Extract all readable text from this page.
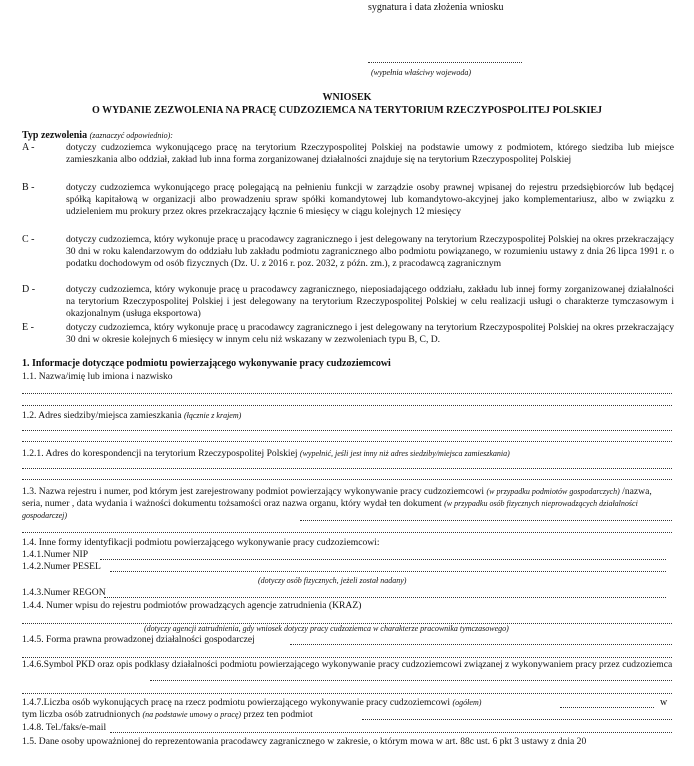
sygnatura i data złożenia wniosku
(wypełnia właściwy wojewoda)
WNIOSEK
O WYDANIE ZEZWOLENIA NA PRACĘ CUDZOZIEMCA NA TERYTORIUM RZECZYPOSPOLITEJ POLSKIEJ
Typ zezwolenia (zaznaczyć odpowiednio):
A -	dotyczy cudzoziemca wykonującego pracę na terytorium Rzeczypospolitej Polskiej na podstawie umowy z podmiotem, którego siedziba lub miejsce zamieszkania albo oddział, zakład lub inna forma zorganizowanej działalności znajduje się na terytorium Rzeczypospolitej Polskiej
B -	dotyczy cudzoziemca wykonującego pracę polegającą na pełnieniu funkcji w zarządzie osoby prawnej wpisanej do rejestru przedsiębiorców lub będącej spółką kapitałową w organizacji albo prowadzeniu spraw spółki komandytowej lub komandytowo-akcyjnej jako komplementariusz, albo w związku z udzieleniem mu prokury przez okres przekraczający łącznie 6 miesięcy w ciągu kolejnych 12 miesięcy
C -	dotyczy cudzoziemca, który wykonuje pracę u pracodawcy zagranicznego i jest delegowany na terytorium Rzeczypospolitej Polskiej na okres przekraczający 30 dni w roku kalendarzowym do oddziału lub zakładu podmiotu zagranicznego albo podmiotu powiązanego, w rozumieniu ustawy z dnia 26 lipca 1991 r. o podatku dochodowym od osób fizycznych (Dz. U. z 2016 r. poz. 2032, z późn. zm.), z pracodawcą zagranicznym
D -	dotyczy cudzoziemca, który wykonuje pracę u pracodawcy zagranicznego, nieposiadającego oddziału, zakładu lub innej formy zorganizowanej działalności na terytorium Rzeczypospolitej Polskiej i jest delegowany na terytorium Rzeczypospolitej Polskiej w celu realizacji usługi o charakterze tymczasowym i okazjonalnym (usługa eksportowa)
E -	dotyczy cudzoziemca, który wykonuje pracę u pracodawcy zagranicznego i jest delegowany na terytorium Rzeczypospolitej Polskiej na okres przekraczający 30 dni w okresie kolejnych 6 miesięcy w innym celu niż wskazany w zezwoleniach typu B, C, D.
1. Informacje dotyczące podmiotu powierzającego wykonywanie pracy cudzoziemcowi
1.1. Nazwa/imię lub imiona i nazwisko
1.2. Adres siedziby/miejsca zamieszkania (łącznie z krajem)
1.2.1. Adres do korespondencji na terytorium Rzeczypospolitej Polskiej (wypełnić, jeśli jest inny niż adres siedziby/miejsca zamieszkania)
1.3. Nazwa rejestru i numer, pod którym jest zarejestrowany podmiot powierzający wykonywanie pracy cudzoziemcowi (w przypadku podmiotów gospodarczych) /nazwa, seria, numer , data wydania i ważności dokumentu tożsamości oraz nazwa organu, który wydał ten dokument (w przypadku osób fizycznych nieprowadzących działalności gospodarczej)
1.4. Inne formy identyfikacji podmiotu powierzającego wykonywanie pracy cudzoziemcowi:
1.4.1.Numer NIP
1.4.2.Numer PESEL
(dotyczy osób fizycznych, jeżeli został nadany)
1.4.3.Numer REGON
1.4.4. Numer wpisu do rejestru podmiotów prowadzących agencje zatrudnienia (KRAZ)
(dotyczy agencji zatrudnienia, gdy wniosek dotyczy pracy cudzoziemca w charakterze pracownika tymczasowego)
1.4.5. Forma prawna prowadzonej działalności gospodarczej
1.4.6.Symbol PKD oraz opis podklasy działalności podmiotu powierzającego wykonywanie pracy cudzoziemcowi związanej z wykonywaniem pracy przez cudzoziemca
1.4.7.Liczba osób wykonujących pracę na rzecz podmiotu powierzającego wykonywanie pracy cudzoziemcowi (ogółem)	w
tym liczba osób zatrudnionych (na podstawie umowy o pracę) przez ten podmiot
1.4.8. Tel./faks/e-mail
1.5. Dane osoby upoważnionej do reprezentowania pracodawcy zagranicznego w zakresie, o którym mowa w art. 88c ust. 6 pkt 3 ustawy z dnia 20
